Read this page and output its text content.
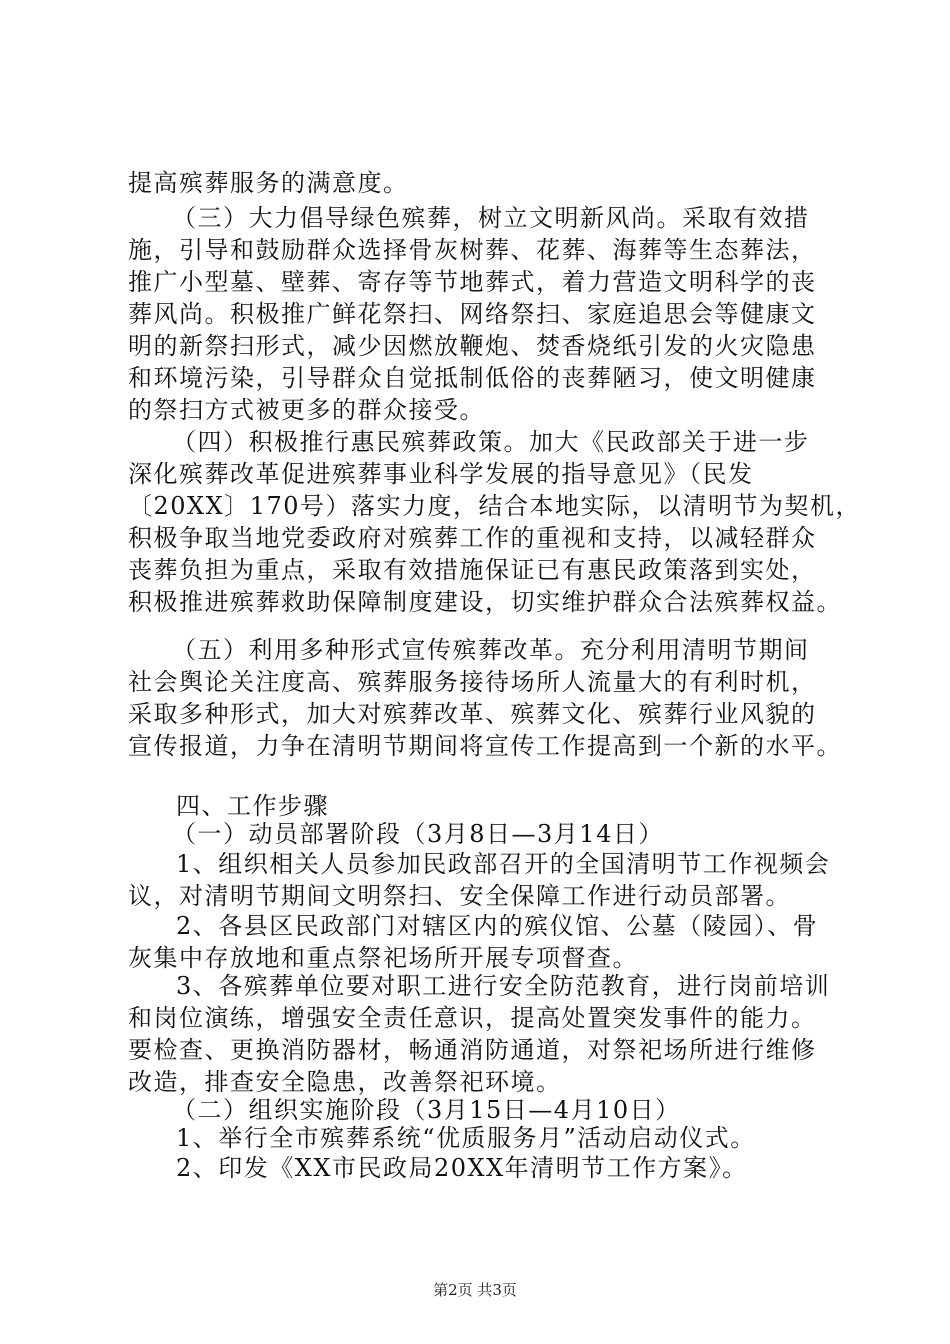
提高殡葬服务的满意度。

（三）大力倡导绿色殡葬，树立文明新风尚。采取有效措
施，引导和鼓励群众选择骨灰树葬、花葬、海葬等生态葬法，
推广小型墓、壁葬、寄存等节地葬式，着力营造文明科学的丧
葬风尚。积极推广鲜花祭扫、网络祭扫、家庭追思会等健康文
明的新祭扫形式，减少因燃放鞭炮、焚香烧纸引发的火灾隐患
和环境污染，引导群众自觉抵制低俗的丧葬陋习，使文明健康
的祭扫方式被更多的群众接受。

（四）积极推行惠民殡葬政策。加大《民政部关于进一步
深化殡葬改革促进殡葬事业科学发展的指导意见》（民发
〔20XX〕170号）落实力度，结合本地实际，以清明节为契机，
积极争取当地党委政府对殡葬工作的重视和支持，以减轻群众
丧葬负担为重点，采取有效措施保证已有惠民政策落到实处，
积极推进殡葬救助保障制度建设，切实维护群众合法殡葬权益。

（五）利用多种形式宣传殡葬改革。充分利用清明节期间
社会舆论关注度高、殡葬服务接待场所人流量大的有利时机，
采取多种形式，加大对殡葬改革、殡葬文化、殡葬行业风貌的
宣传报道，力争在清明节期间将宣传工作提高到一个新的水平。

四、工作步骤

（一）动员部署阶段（3月8日—3月14日）

1、组织相关人员参加民政部召开的全国清明节工作视频会
议，对清明节期间文明祭扫、安全保障工作进行动员部署。

2、各县区民政部门对辖区内的殡仪馆、公墓（陵园）、骨
灰集中存放地和重点祭祀场所开展专项督查。

3、各殡葬单位要对职工进行安全防范教育，进行岗前培训
和岗位演练，增强安全责任意识，提高处置突发事件的能力。
要检查、更换消防器材，畅通消防通道，对祭祀场所进行维修
改造，排查安全隐患，改善祭祀环境。

（二）组织实施阶段（3月15日—4月10日）

1、举行全市殡葬系统“优质服务月”活动启动仪式。

2、印发《XX市民政局20XX年清明节工作方案》。

第2页 共3页
